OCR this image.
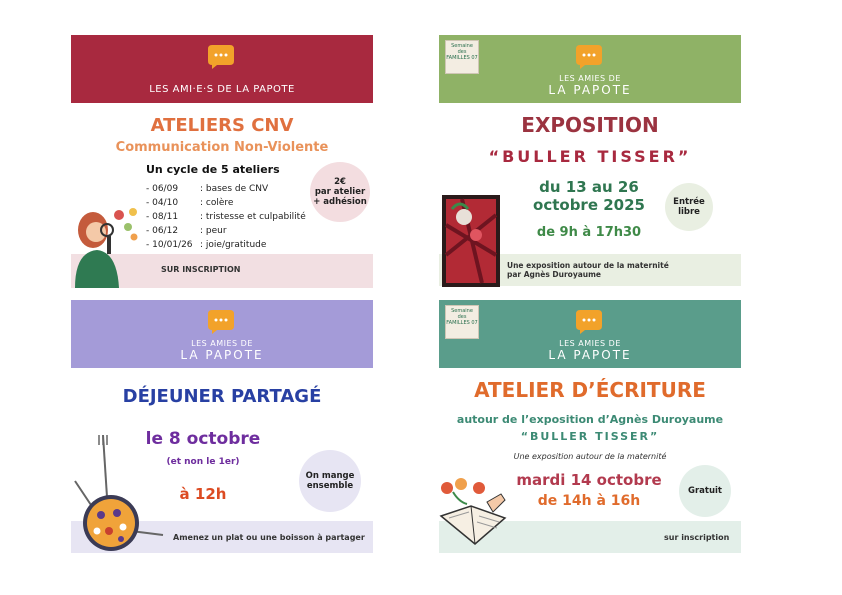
LES AMI·E·S DE LA PAPOTE
ATELIERS CNV
Communication Non-Violente
Un cycle de 5 ateliers
- 06/09 : bases de CNV
- 04/10 : colère
- 08/11 : tristesse et culpabilité
- 06/12 : peur
- 10/01/26 : joie/gratitude
2€
par atelier
+ adhésion
SUR INSCRIPTION
Semaine des FAMILLES 07
LES AMIES DE
LA PAPOTE
EXPOSITION
“BULLER TISSER”
du 13 au 26
octobre 2025
de 9h à 17h30
Entrée
libre
Une exposition autour de la maternité
par Agnès Duroyaume
LES AMIES DE
LA PAPOTE
DÉJEUNER PARTAGÉ
le 8 octobre
(et non le 1er)
à 12h
On mange
ensemble
Amenez un plat ou une boisson à partager
Semaine des FAMILLES 07
LES AMIES DE
LA PAPOTE
ATELIER D’ÉCRITURE
autour de l’exposition d’Agnès Duroyaume
“BULLER TISSER”
Une exposition autour de la maternité
mardi 14 octobre
de 14h à 16h
Gratuit
sur inscription
